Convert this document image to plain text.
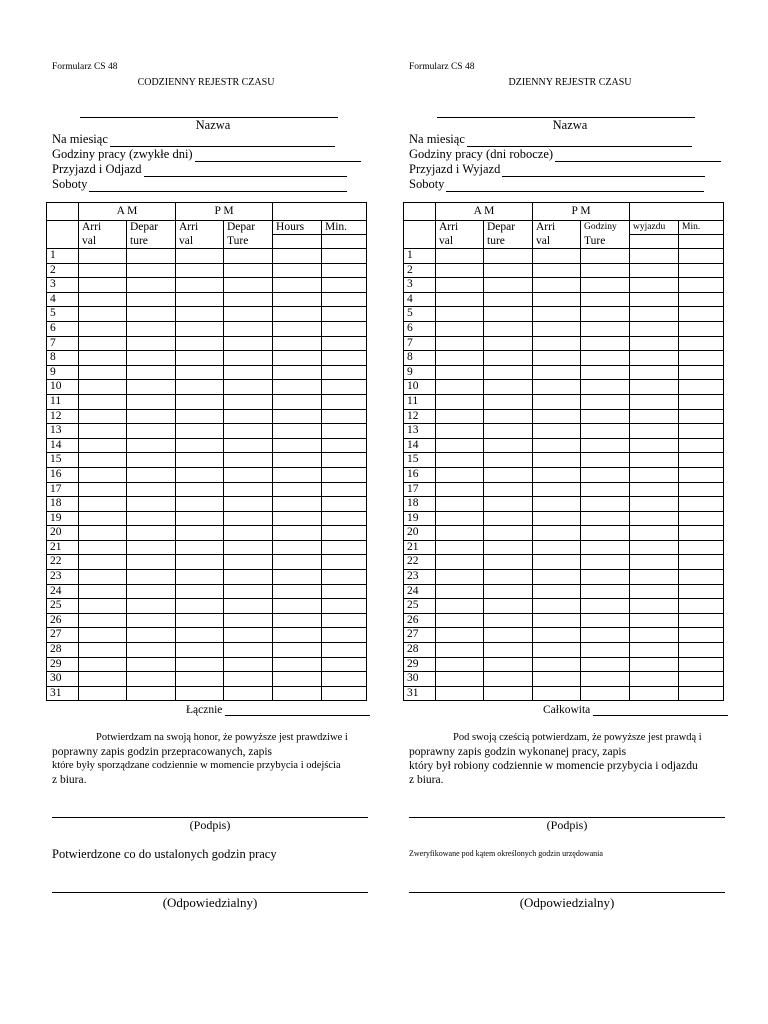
Formularz CS 48
CODZIENNY REJESTR CZASU
Nazwa
Na miesiąc
Godziny pracy (zwykłe dni)
Przyjazd i Odjazd
Soboty
	A M		P M			
	Arri	Depar	Arri	Depar	Hours	Min.
	val	ture	val	Ture		
1						
2						
3						
4						
5						
6						
7						
8						
9						
10						
11						
12						
13						
14						
15						
16						
17						
18						
19						
20						
21						
22						
23						
24						
25						
26						
27						
28						
29						
30						
31						
Łącznie

Potwierdzam na swoją honor, że powyższe jest prawdziwe i

poprawny zapis godzin przepracowanych, zapis

które były sporządzane codziennie w momencie przybycia i odejścia

z biura.

(Podpis)
Potwierdzone co do ustalonych godzin pracy
(Odpowiedzialny)
Formularz CS 48
DZIENNY REJESTR CZASU
Nazwa
Na miesiąc
Godziny pracy (dni robocze)
Przyjazd i Wyjazd
Soboty
	A M		P M			
	Arri	Depar	Arri	Godziny	wyjazdu	Min.
	val	ture	val	Ture		
1						
2						
3						
4						
5						
6						
7						
8						
9						
10						
11						
12						
13						
14						
15						
16						
17						
18						
19						
20						
21						
22						
23						
24						
25						
26						
27						
28						
29						
30						
31						
Całkowita

Pod swoją cześcią potwierdzam, że powyższe jest prawdą i

poprawny zapis godzin wykonanej pracy, zapis

który był robiony codziennie w momencie przybycia i odjazdu

z biura.

(Podpis)
Zweryfikowane pod kątem określonych godzin urzędowania
(Odpowiedzialny)
